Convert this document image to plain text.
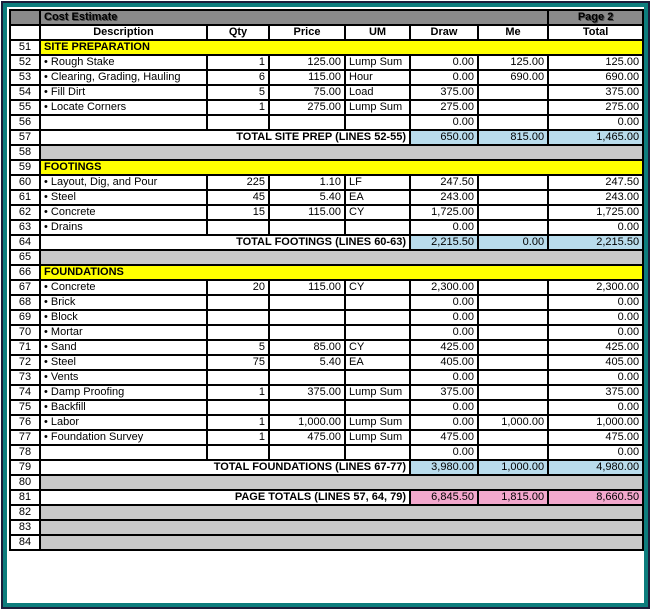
	Cost Estimate						Page 2
	Description	Qty	Price	UM	Draw	Me	Total
51	SITE PREPARATION						
52	• Rough Stake	1	125.00	Lump Sum	0.00	125.00	125.00
53	• Clearing, Grading, Hauling	6	115.00	Hour	0.00	690.00	690.00
54	• Fill Dirt	5	75.00	Load	375.00		375.00
55	• Locate Corners	1	275.00	Lump Sum	275.00		275.00
56					0.00		0.00
57	TOTAL SITE PREP (LINES 52-55)				650.00	815.00	1,465.00
58							
59	FOOTINGS						
60	• Layout, Dig, and Pour	225	1.10	LF	247.50		247.50
61	• Steel	45	5.40	EA	243.00		243.00
62	• Concrete	15	115.00	CY	1,725.00		1,725.00
63	• Drains				0.00		0.00
64	TOTAL FOOTINGS (LINES 60-63)				2,215.50	0.00	2,215.50
65							
66	FOUNDATIONS						
67	• Concrete	20	115.00	CY	2,300.00		2,300.00
68	• Brick				0.00		0.00
69	• Block				0.00		0.00
70	• Mortar				0.00		0.00
71	• Sand	5	85.00	CY	425.00		425.00
72	• Steel	75	5.40	EA	405.00		405.00
73	• Vents				0.00		0.00
74	• Damp Proofing	1	375.00	Lump Sum	375.00		375.00
75	• Backfill				0.00		0.00
76	• Labor	1	1,000.00	Lump Sum	0.00	1,000.00	1,000.00
77	• Foundation Survey	1	475.00	Lump Sum	475.00		475.00
78					0.00		0.00
79	TOTAL FOUNDATIONS (LINES 67-77)				3,980.00	1,000.00	4,980.00
80							
81	PAGE TOTALS (LINES 57, 64, 79)				6,845.50	1,815.00	8,660.50
82							
83							
84							
